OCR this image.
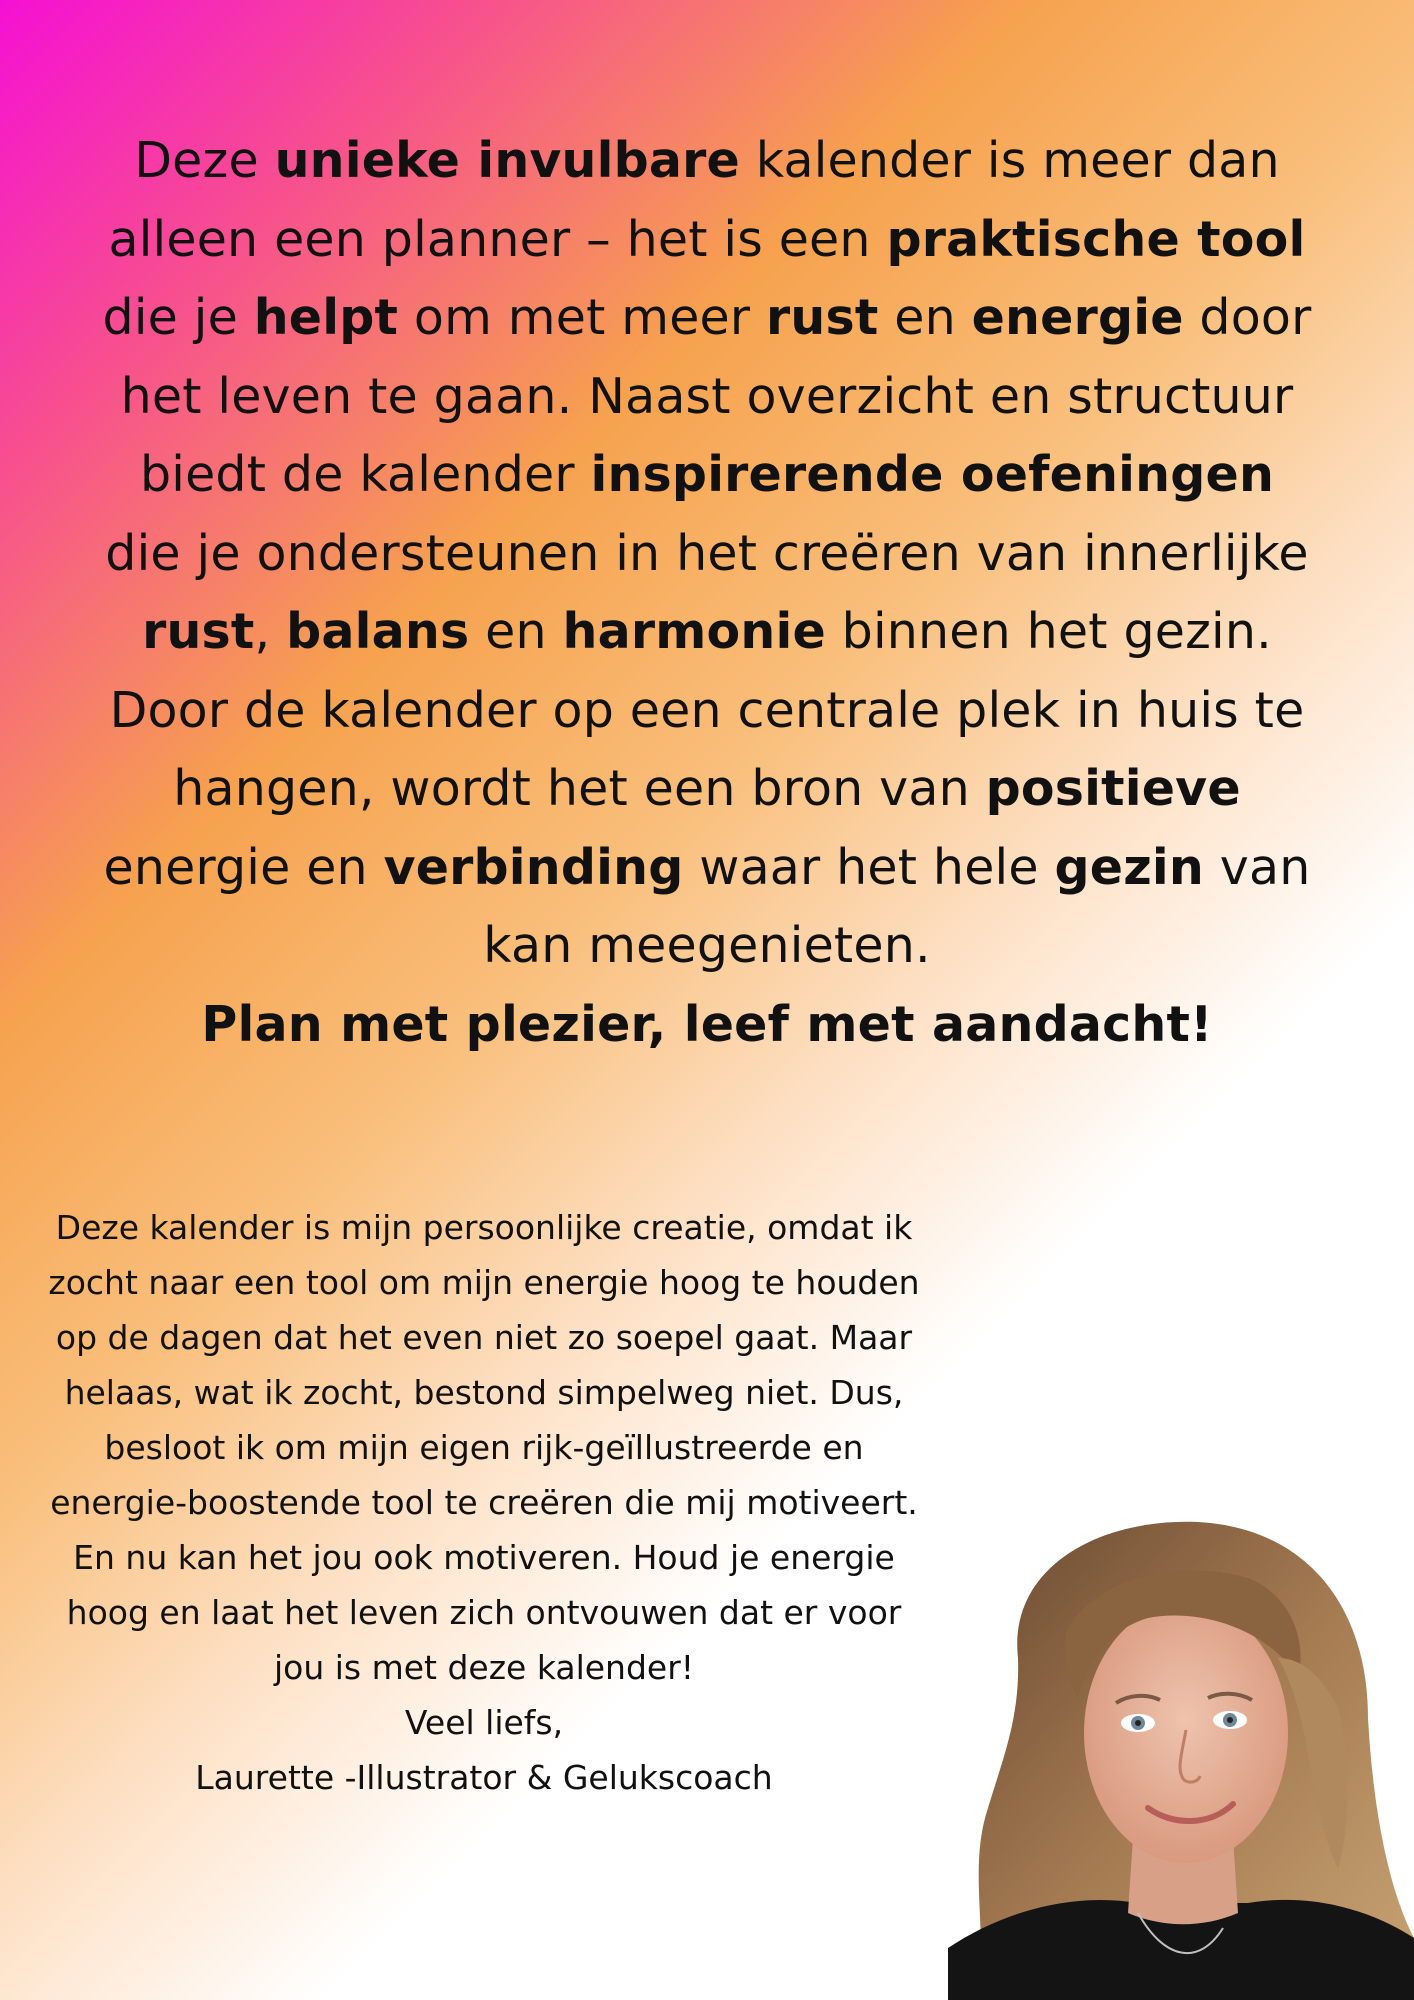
Deze unieke invulbare kalender is meer dan alleen een planner – het is een praktische tool die je helpt om met meer rust en energie door het leven te gaan. Naast overzicht en structuur biedt de kalender inspirerende oefeningen die je ondersteunen in het creëren van innerlijke rust, balans en harmonie binnen het gezin. Door de kalender op een centrale plek in huis te hangen, wordt het een bron van positieve energie en verbinding waar het hele gezin van kan meegenieten.
Plan met plezier, leef met aandacht!
Deze kalender is mijn persoonlijke creatie, omdat ik zocht naar een tool om mijn energie hoog te houden op de dagen dat het even niet zo soepel gaat. Maar helaas, wat ik zocht, bestond simpelweg niet. Dus, besloot ik om mijn eigen rijk-geïllustreerde en energie-boostende tool te creëren die mij motiveert. En nu kan het jou ook motiveren. Houd je energie hoog en laat het leven zich ontvouwen dat er voor jou is met deze kalender!
Veel liefs,
Laurette -Illustrator & Gelukscoach
